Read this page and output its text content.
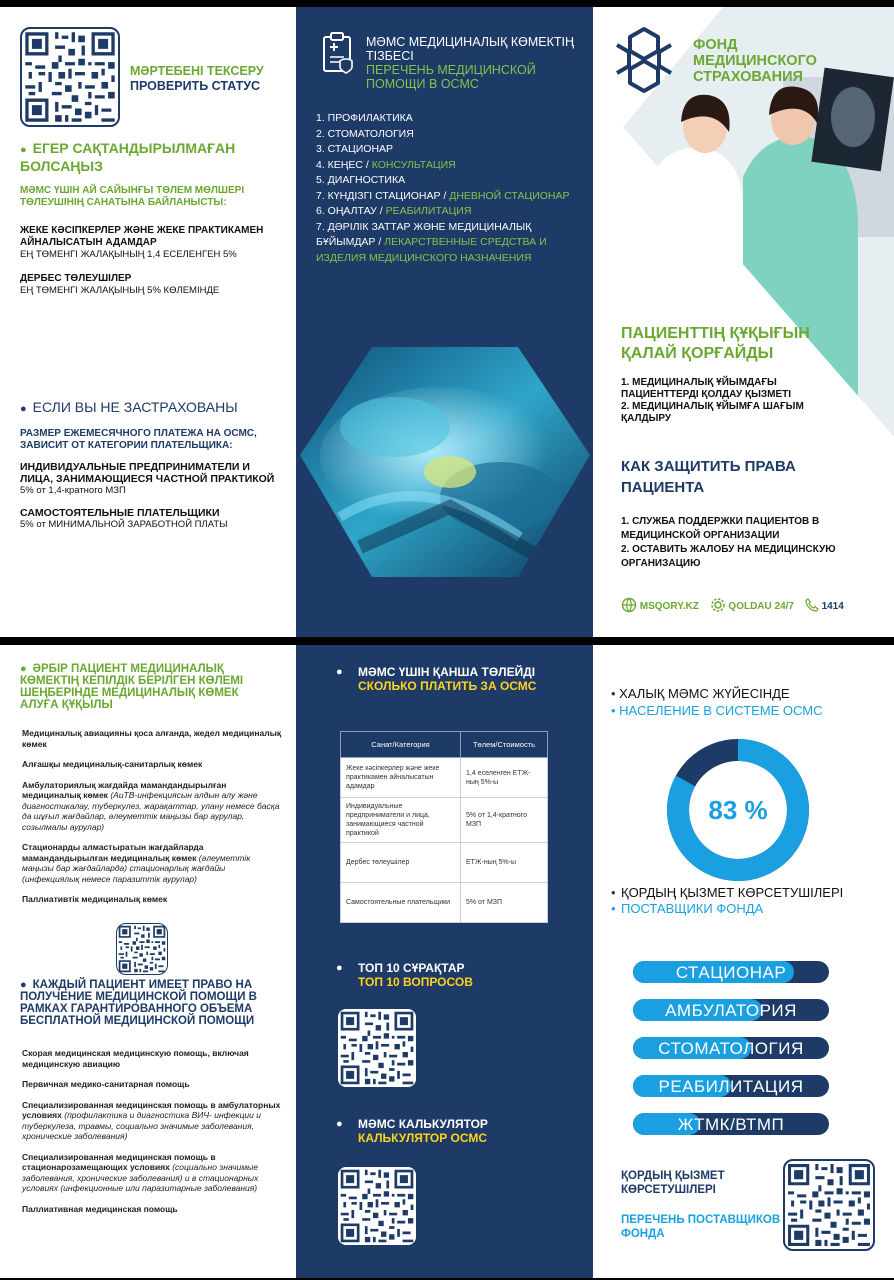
МӘРТЕБЕНІ ТЕКСЕРУ
ПРОВЕРИТЬ СТАТУС
● ЕГЕР САҚТАНДЫРЫЛМАҒАН БОЛСАҢЫЗ
МӘМС ҮШІН АЙ САЙЫНҒЫ ТӨЛЕМ МӨЛШЕРІ ТӨЛЕУШІНІҢ САНАТЫНА БАЙЛАНЫСТЫ:
ЖЕКЕ КӘСІПКЕРЛЕР ЖӘНЕ ЖЕКЕ ПРАКТИКАМЕН АЙНАЛЫСАТЫН АДАМДАР
ЕҢ ТӨМЕНГІ ЖАЛАҚЫНЫҢ 1,4 ЕСЕЛЕНГЕН 5%
ДЕРБЕС ТӨЛЕУШІЛЕР
ЕҢ ТӨМЕНГІ ЖАЛАҚЫНЫҢ 5% КӨЛЕМІНДЕ
● ЕСЛИ ВЫ НЕ ЗАСТРАХОВАНЫ
РАЗМЕР ЕЖЕМЕСЯЧНОГО ПЛАТЕЖА НА ОСМС, ЗАВИСИТ ОТ КАТЕГОРИИ ПЛАТЕЛЬЩИКА:
ИНДИВИДУАЛЬНЫЕ ПРЕДПРИНИМАТЕЛИ И ЛИЦА, ЗАНИМАЮЩИЕСЯ ЧАСТНОЙ ПРАКТИКОЙ
5% от 1,4-кратного МЗП
САМОСТОЯТЕЛЬНЫЕ ПЛАТЕЛЬЩИКИ
5% от МИНИМАЛЬНОЙ ЗАРАБОТНОЙ ПЛАТЫ
МӘМС МЕДИЦИНАЛЫҚ КӨМЕКТІҢ ТІЗБЕСІ
ПЕРЕЧЕНЬ МЕДИЦИНСКОЙ ПОМОЩИ В ОСМС
1. ПРОФИЛАКТИКА
2. СТОМАТОЛОГИЯ
3. СТАЦИОНАР
4. КЕҢЕС / КОНСУЛЬТАЦИЯ
5. ДИАГНОСТИКА
7. КҮНДІЗГІ СТАЦИОНАР / ДНЕВНОЙ СТАЦИОНАР
6. ОҢАЛТАУ / РЕАБИЛИТАЦИЯ
7. ДӘРІЛІК ЗАТТАР ЖӘНЕ МЕДИЦИНАЛЫҚ БҰЙЫМДАР / ЛЕКАРСТВЕННЫЕ СРЕДСТВА И ИЗДЕЛИЯ МЕДИЦИНСКОГО НАЗНАЧЕНИЯ
ФОНД
МЕДИЦИНСКОГО
СТРАХОВАНИЯ
ПАЦИЕНТТІҢ ҚҰҚЫҒЫН ҚАЛАЙ ҚОРҒАЙДЫ
1. МЕДИЦИНАЛЫҚ ҰЙЫМДАҒЫ ПАЦИЕНТТЕРДІ ҚОЛДАУ ҚЫЗМЕТІ
2. МЕДИЦИНАЛЫҚ ҰЙЫМҒА ШАҒЫМ ҚАЛДЫРУ
КАК ЗАЩИТИТЬ ПРАВА ПАЦИЕНТА
1. СЛУЖБА ПОДДЕРЖКИ ПАЦИЕНТОВ В МЕДИЦИНСКОЙ ОРГАНИЗАЦИИ
2. ОСТАВИТЬ ЖАЛОБУ НА МЕДИЦИНСКУЮ ОРГАНИЗАЦИЮ
MSQORY.KZ	QOLDAU 24/7	1414
● ӘРБІР ПАЦИЕНТ МЕДИЦИНАЛЫҚ КӨМЕКТІҢ КЕПІЛДІК БЕРІЛГЕН КӨЛЕМІ ШЕҢБЕРІНДЕ МЕДИЦИНАЛЫҚ КӨМЕК АЛУҒА ҚҰҚЫЛЫ
Медициналық авиацияны қоса алғанда, жедел медициналық көмек
Алғашқы медициналық-санитарлық көмек
Амбулаториялық жағдайда мамандандырылған медициналық көмек (АиТВ-инфекциясын алдын алу және диагностикалау, туберкулез, жарақаттар, улану немесе басқа да шұғыл жағдайлар, әлеуметтік маңызы бар аурулар, созылмалы аурулар)
Стационарды алмастыратын жағдайларда мамандандырылған медициналық көмек (әлеуметтік маңызы бар жағдайларда) стационарлық жағдайы (инфекциялық немесе паразиттік аурулар)
Паллиативтік медициналық көмек
● КАЖДЫЙ ПАЦИЕНТ ИМЕЕТ ПРАВО НА ПОЛУЧЕНИЕ МЕДИЦИНСКОЙ ПОМОЩИ В РАМКАХ ГАРАНТИРОВАННОГО ОБЪЕМА БЕСПЛАТНОЙ МЕДИЦИНСКОЙ ПОМОЩИ
Скорая медицинская медицинскую помощь, включая медицинскую авиацию
Первичная медико-санитарная помощь
Специализированная медицинская помощь в амбулаторных условиях (профилактика и диагностика ВИЧ- инфекции и туберкулеза, травмы, социально значимые заболевания, хронические заболевания)
Специализированная медицинская помощь в стационарозамещающих условиях (социально значимые заболевания, хронические заболевания) и в стационарных условиях (инфекционные или паразитарные заболевания)
Паллиативная медицинская помощь
● МӘМС ҮШІН ҚАНША ТӨЛЕЙДІ
СКОЛЬКО ПЛАТИТЬ ЗА ОСМС
Санат/Категория	Төлем/Стоимость
Жеке кәсіпкерлер және жеке практикамен айналысатын адамдар	1,4 еселенген ЕТЖ-ның 5%-ы
Индивидуальные предприниматели и лица, занимающиеся частной практикой	5% от 1,4-кратного МЗП
Дербес төлеушілер	ЕТЖ-ның 5%-ы
Самостоятельные плательщики	5% от МЗП
● ТОП 10 СҰРАҚТАР
ТОП 10 ВОПРОСОВ
● МӘМС КАЛЬКУЛЯТОР
КАЛЬКУЛЯТОР ОСМС
• ХАЛЫҚ МӘМС ЖҮЙЕСІНДЕ
• НАСЕЛЕНИЕ В СИСТЕМЕ ОСМС
83 %
• ҚОРДЫҢ ҚЫЗМЕТ КӨРСЕТУШІЛЕРІ
• ПОСТАВЩИКИ ФОНДА
СТАЦИОНАР
АМБУЛАТОРИЯ
СТОМАТОЛОГИЯ
РЕАБИЛИТАЦИЯ
ЖТМК/ВТМП
ҚОРДЫҢ ҚЫЗМЕТ КӨРСЕТУШІЛЕРІ
ПЕРЕЧЕНЬ ПОСТАВЩИКОВ ФОНДА
